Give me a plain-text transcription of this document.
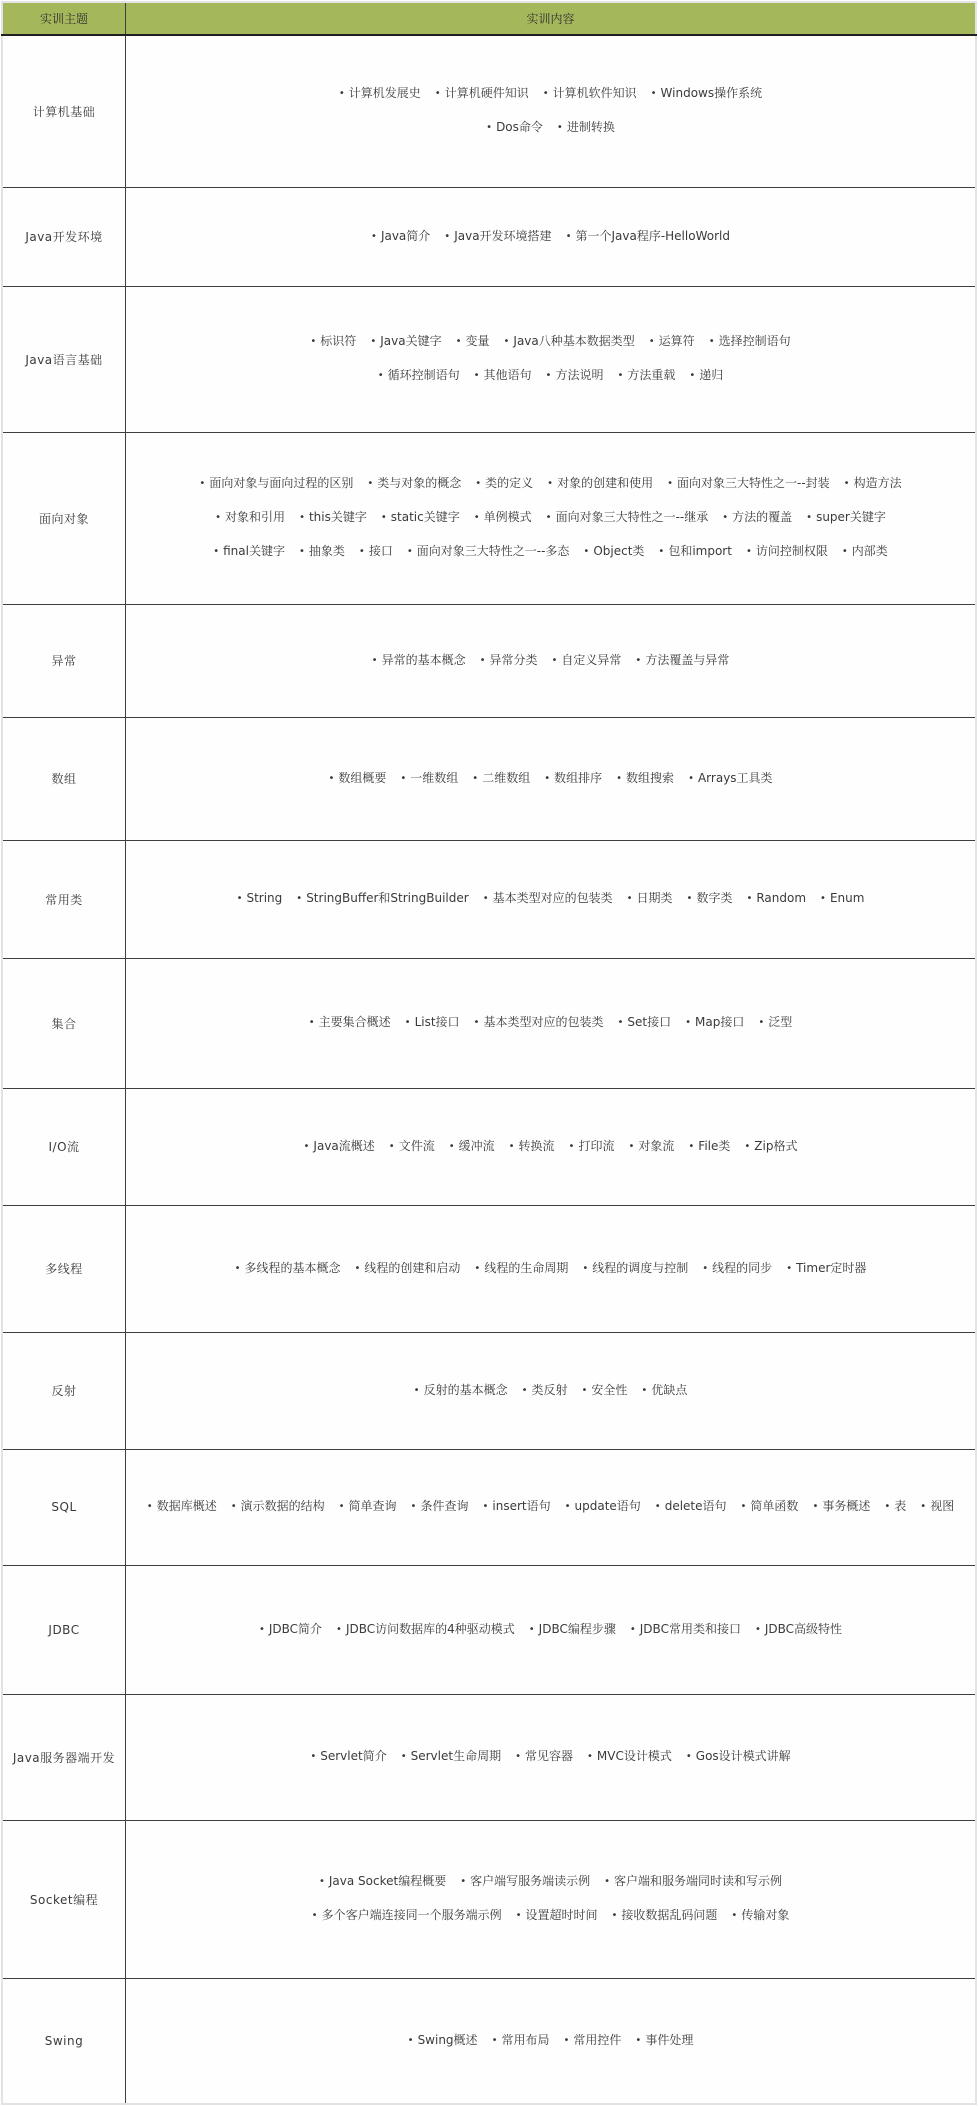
实训主题	实训内容
计算机基础	• 计算机发展史 • 计算机硬件知识 • 计算机软件知识 • Windows操作系统
• Dos命令 • 进制转换

Java开发环境	• Java简介 • Java开发环境搭建 • 第一个Java程序-HelloWorld

Java语言基础	• 标识符 • Java关键字 • 变量 • Java八种基本数据类型 • 运算符 • 选择控制语句
• 循环控制语句 • 其他语句 • 方法说明 • 方法重载 • 递归

面向对象	• 面向对象与面向过程的区别 • 类与对象的概念 • 类的定义 • 对象的创建和使用 • 面向对象三大特性之一--封装 • 构造方法
• 对象和引用 • this关键字 • static关键字 • 单例模式 • 面向对象三大特性之一--继承 • 方法的覆盖 • super关键字
• final关键字 • 抽象类 • 接口 • 面向对象三大特性之一--多态 • Object类 • 包和import • 访问控制权限 • 内部类

异常	• 异常的基本概念 • 异常分类 • 自定义异常 • 方法覆盖与异常

数组	• 数组概要 • 一维数组 • 二维数组 • 数组排序 • 数组搜索 • Arrays工具类

常用类	• String • StringBuffer和StringBuilder • 基本类型对应的包装类 • 日期类 • 数字类 • Random • Enum

集合	• 主要集合概述 • List接口 • 基本类型对应的包装类 • Set接口 • Map接口 • 泛型

I/O流	• Java流概述 • 文件流 • 缓冲流 • 转换流 • 打印流 • 对象流 • File类 • Zip格式

多线程	• 多线程的基本概念 • 线程的创建和启动 • 线程的生命周期 • 线程的调度与控制 • 线程的同步 • Timer定时器

反射	• 反射的基本概念 • 类反射 • 安全性 • 优缺点

SQL	• 数据库概述 • 演示数据的结构 • 简单查询 • 条件查询 • insert语句 • update语句 • delete语句 • 简单函数 • 事务概述 • 表 • 视图

JDBC	• JDBC简介 • JDBC访问数据库的4种驱动模式 • JDBC编程步骤 • JDBC常用类和接口 • JDBC高级特性

Java服务器端开发	• Servlet简介 • Servlet生命周期 • 常见容器 • MVC设计模式 • Gos设计模式讲解

Socket编程	• Java Socket编程概要 • 客户端写服务端读示例 • 客户端和服务端同时读和写示例
• 多个客户端连接同一个服务端示例 • 设置超时时间 • 接收数据乱码问题 • 传输对象

Swing	• Swing概述 • 常用布局 • 常用控件 • 事件处理
